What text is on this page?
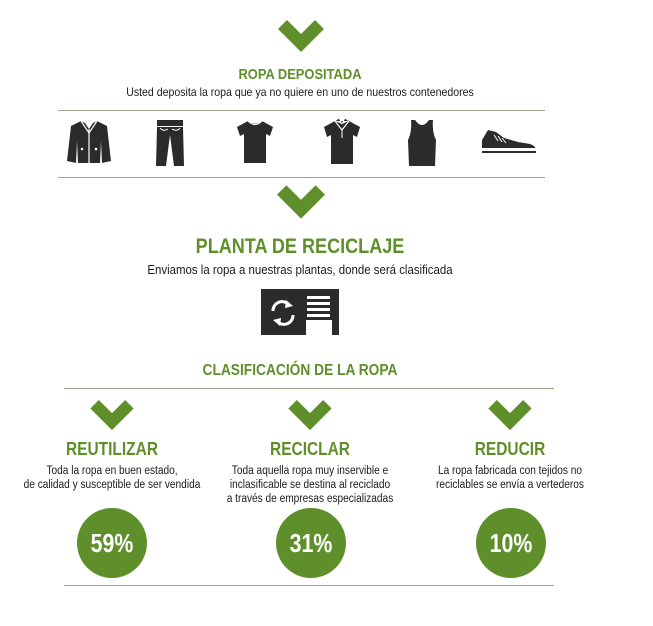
ROPA DEPOSITADA
Usted deposita la ropa que ya no quiere en uno de nuestros contenedores
PLANTA DE RECICLAJE
Enviamos la ropa a nuestras plantas, donde será clasificada
CLASIFICACIÓN DE LA ROPA
REUTILIZAR
Toda la ropa en buen estado,
de calidad y susceptible de ser vendida
59%
RECICLAR
Toda aquella ropa muy inservible e
inclasificable se destina al reciclado
a través de empresas especializadas
31%
REDUCIR
La ropa fabricada con tejidos no
reciclables se envía a vertederos
10%
